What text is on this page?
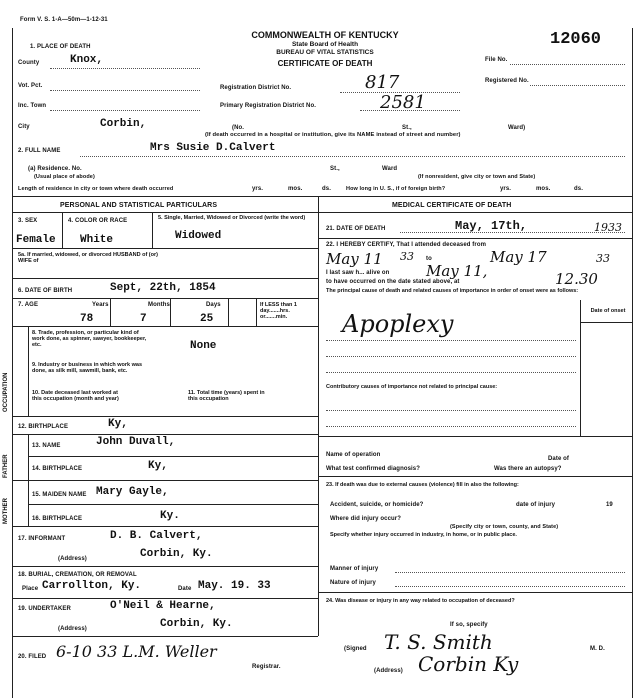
Form V. S. 1-A—50m—1-12-31
COMMONWEALTH OF KENTUCKY
State Board of Health
BUREAU OF VITAL STATISTICS
CERTIFICATE OF DEATH
12060
1. PLACE OF DEATH
County	Knox,
Vot. Pct.
Inc. Town
City	Corbin,
Registration District No.	817
Primary Registration District No.	2581
File No.
Registered No.
(No.	St.,	Ward)
(If death occurred in a hospital or institution, give its NAME instead of street and number)
2. FULL NAME	Mrs Susie D.Calvert
(a) Residence. No.
(Usual place of abode)
St.,	Ward
(If nonresident, give city or town and State)
Length of residence in city or town where death occurred	yrs.	mos.	ds.	How long in U. S., if of foreign birth?	yrs.	mos.	ds.
PERSONAL AND STATISTICAL PARTICULARS	MEDICAL CERTIFICATE OF DEATH
3. SEX	4. COLOR OR RACE	5. Single, Married, Widowed or Divorced (write the word)
Female White	Widowed
5a. If married, widowed, or divorced HUSBAND of (or) WIFE of
6. DATE OF BIRTH	Sept, 22th, 1854
7. AGE	Years	Months	Days	If LESS than 1 day.......hrs. or.......min.
78	7	25
OCCUPATION
8. Trade, profession, or particular kind of work done, as spinner, sawyer, bookkeeper, etc.	None
9. Industry or business in which work was done, as silk mill, sawmill, bank, etc.
10. Date deceased last worked at this occupation (month and year)
11. Total time (years) spent in this occupation
12. BIRTHPLACE	Ky,
FATHER
13. NAME	John Duvall,
14. BIRTHPLACE	Ky,
MOTHER
15. MAIDEN NAME Mary Gayle,
16. BIRTHPLACE	Ky.
17. INFORMANT	D. B. Calvert,
(Address)	Corbin, Ky.
18. BURIAL, CREMATION, OR REMOVAL
Place Carrollton, Ky.	Date May. 19. 33
19. UNDERTAKER	O'Neil & Hearne,
(Address)	Corbin, Ky.
20. FILED 6-10 33 L.M. Weller
Registrar.
21. DATE OF DEATH	May, 17th,	1933
22. I HEREBY CERTIFY, That I attended deceased from
May 11 33 to	May 17	33
I last saw h... alive on May 11,
to have occurred on the date stated above, at	12.30
The principal cause of death and related causes of importance in order of onset were as follows:
Date of onset
Apoplexy
Contributory causes of importance not related to principal cause:
Name of operation
Date of
What test confirmed diagnosis?	Was there an autopsy?
23. If death was due to external causes (violence) fill in also the following:
Accident, suicide, or homicide?	date of injury	19
Where did injury occur?
(Specify city or town, county, and State)
Specify whether injury occurred in industry, in home, or in public place.
Manner of injury
Nature of injury
24. Was disease or injury in any way related to occupation of deceased?
If so, specify
(Signed T. S. Smith	M. D.
(Address) Corbin Ky
